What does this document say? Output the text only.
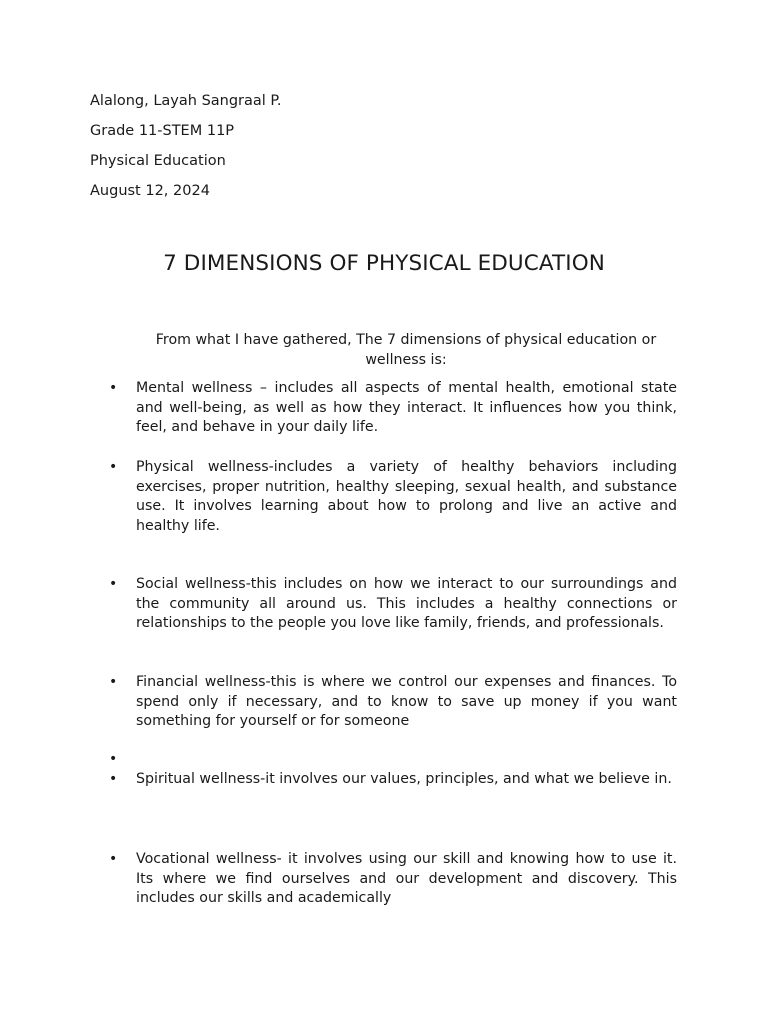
Alalong, Layah Sangraal P.
Grade 11-STEM 11P
Physical Education
August 12, 2024
7 DIMENSIONS OF PHYSICAL EDUCATION
From what I have gathered, The 7 dimensions of physical education or wellness is:
• Mental wellness – includes all aspects of mental health, emotional state and well-being, as well as how they interact. It influences how you think, feel, and behave in your daily life.
• Physical wellness-includes a variety of healthy behaviors including exercises, proper nutrition, healthy sleeping, sexual health, and substance use. It involves learning about how to prolong and live an active and healthy life.
• Social wellness-this includes on how we interact to our surroundings and the community all around us. This includes a healthy connections or relationships to the people you love like family, friends, and professionals.
• Financial wellness-this is where we control our expenses and finances. To spend only if necessary, and to know to save up money if you want something for yourself or for someone
•
• Spiritual wellness-it involves our values, principles, and what we believe in.
• Vocational wellness- it involves using our skill and knowing how to use it. Its where we find ourselves and our development and discovery. This includes our skills and academically
